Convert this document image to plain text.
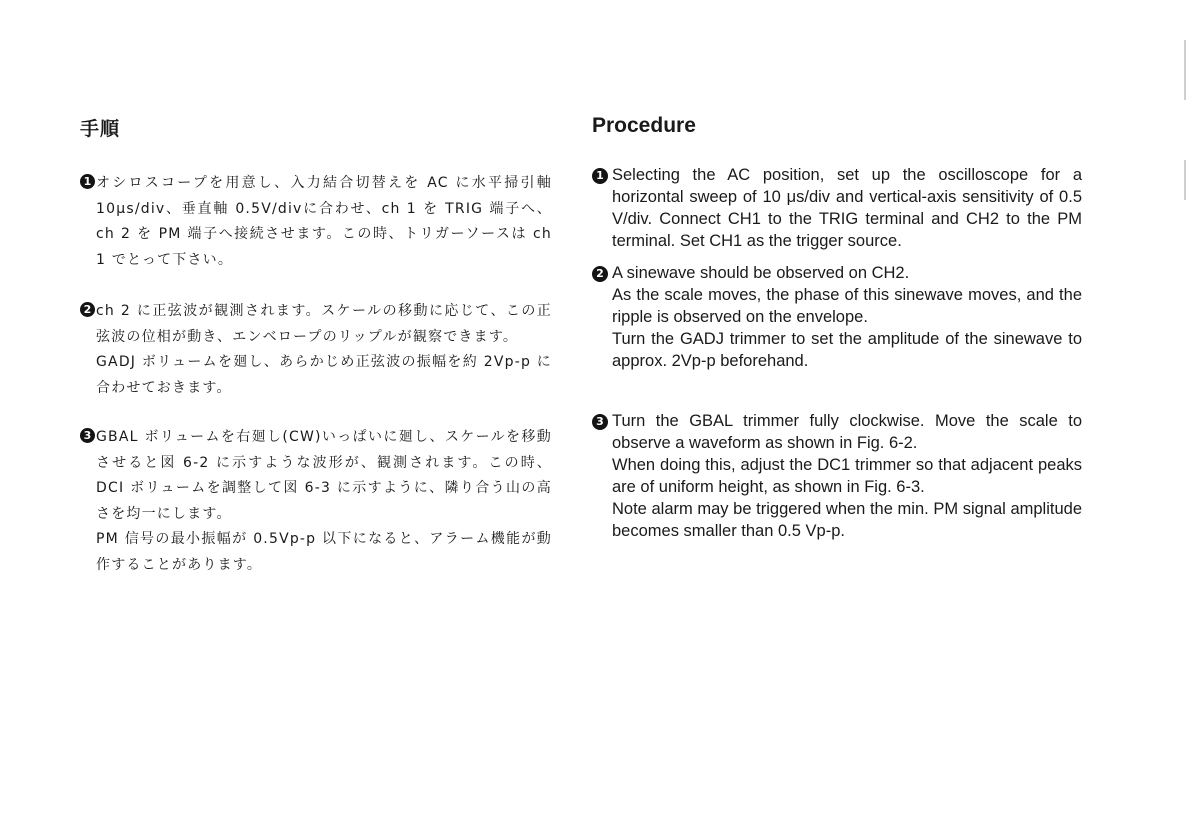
手順
1 オシロスコープを用意し、入力結合切替えを AC に水平掃引軸 10μs/div、垂直軸 0.5V/divに合わせ、ch 1 を TRIG 端子へ、ch 2 を PM 端子へ接続させます。この時、トリガーソースは ch 1 でとって下さい。

2 ch 2 に正弦波が観測されます。スケールの移動に応じて、この正弦波の位相が動き、エンベロープのリップルが観察できます。

GADJ ボリュームを廻し、あらかじめ正弦波の振幅を約 2Vp-p に合わせておきます。

3 GBAL ボリュームを右廻し(CW)いっぱいに廻し、スケールを移動させると図 6-2 に示すような波形が、観測されます。この時、DCI ボリュームを調整して図 6-3 に示すように、隣り合う山の高さを均一にします。

PM 信号の最小振幅が 0.5Vp-p 以下になると、アラーム機能が動作することがあります。

Procedure
1 Selecting the AC position, set up the oscilloscope for a horizontal sweep of 10 μs/div and vertical-axis sensitivity of 0.5 V/div. Connect CH1 to the TRIG terminal and CH2 to the PM terminal. Set CH1 as the trigger source.

2 A sinewave should be observed on CH2.

As the scale moves, the phase of this sinewave moves, and the ripple is observed on the envelope.

Turn the GADJ trimmer to set the amplitude of the sinewave to approx. 2Vp-p beforehand.

3 Turn the GBAL trimmer fully clockwise. Move the scale to observe a waveform as shown in Fig. 6-2.

When doing this, adjust the DC1 trimmer so that adjacent peaks are of uniform height, as shown in Fig. 6-3.

Note alarm may be triggered when the min. PM signal amplitude becomes smaller than 0.5 Vp-p.
